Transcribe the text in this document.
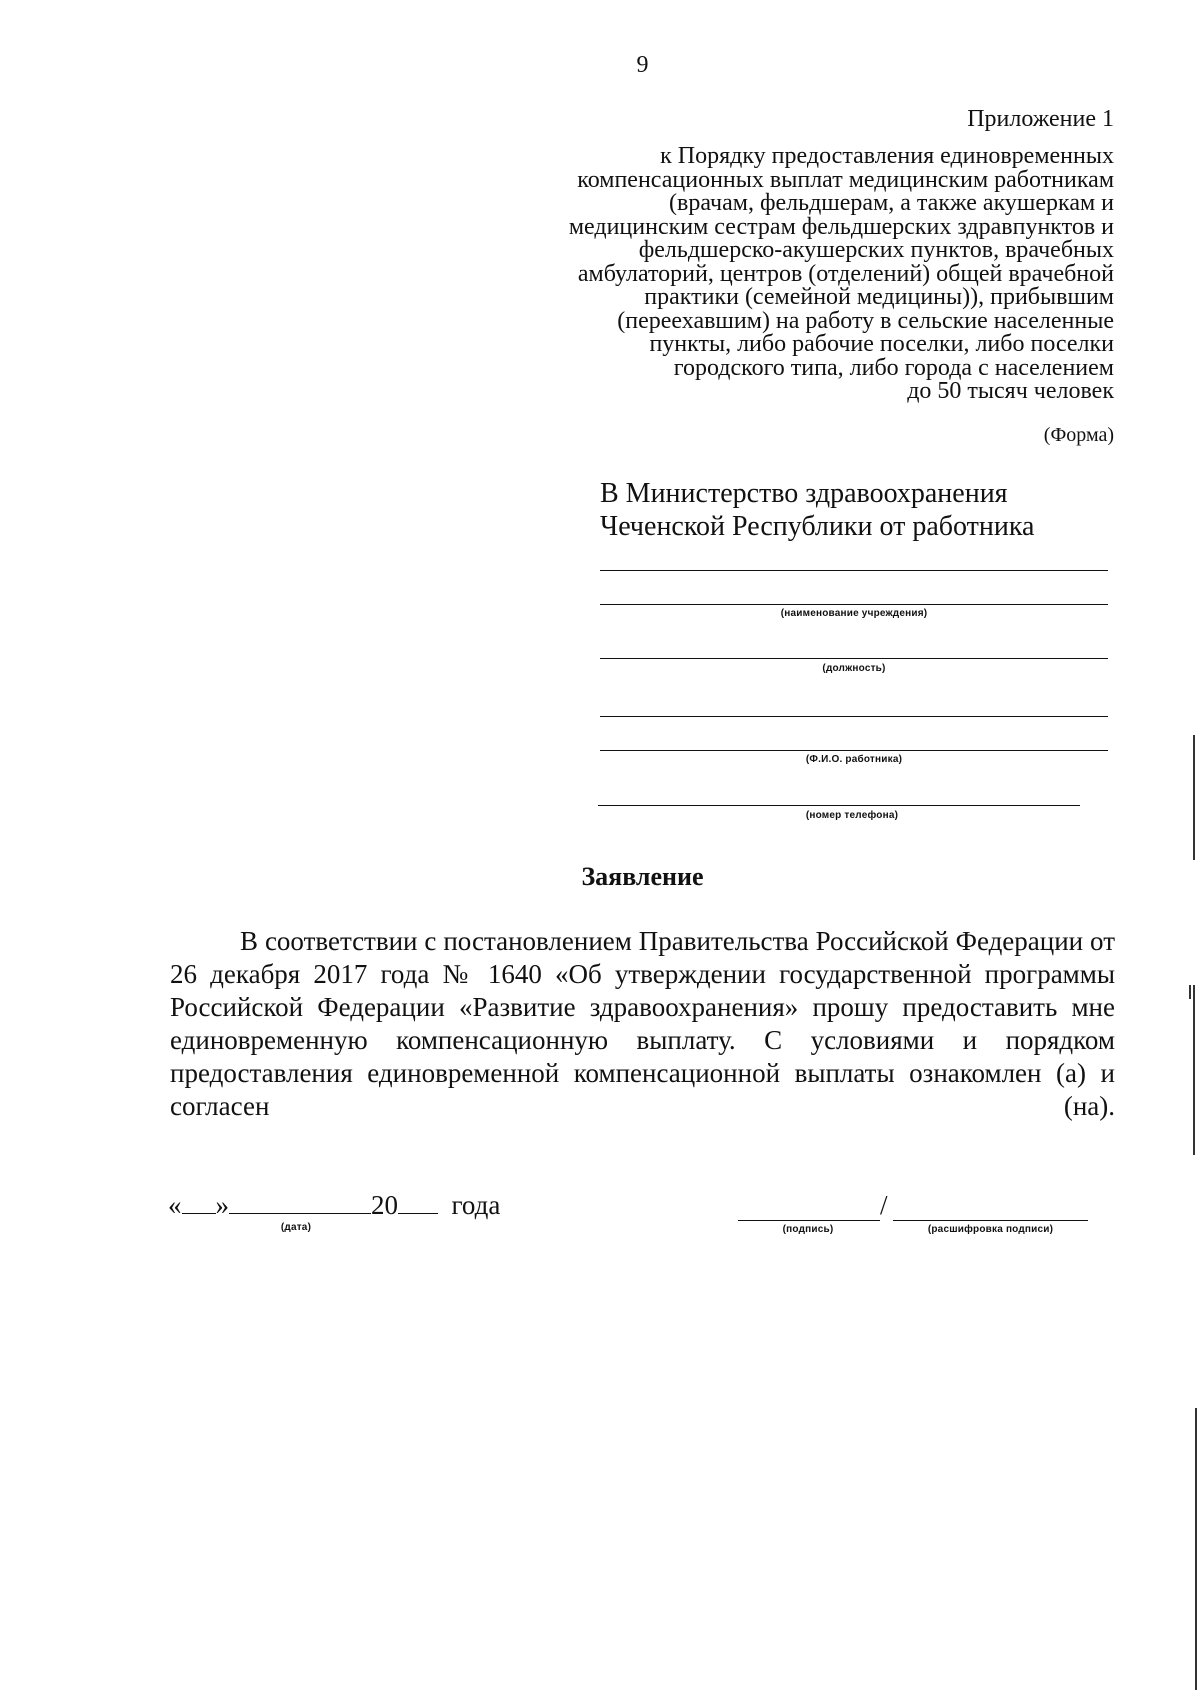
9
Приложение 1
к Порядку предоставления единовременных
компенсационных выплат медицинским работникам
(врачам, фельдшерам, а также акушеркам и
медицинским сестрам фельдшерских здравпунктов и
фельдшерско-акушерских пунктов, врачебных
амбулаторий, центров (отделений) общей врачебной
практики (семейной медицины)), прибывшим
(переехавшим) на работу в сельские населенные
пункты, либо рабочие поселки, либо поселки
городского типа, либо города с населением
до 50 тысяч человек
(Форма)
В Министерство здравоохранения
Чеченской Республики от работника
(наименование учреждения)
(должность)
(Ф.И.О. работника)
(номер телефона)
Заявление

В соответствии с постановлением Правительства Российской Федерации от 26 декабря 2017 года № 1640 «Об утверждении государственной программы Российской Федерации «Развитие здравоохранения» прошу предоставить мне единовременную компенсационную выплату. С условиями и порядком предоставления единовременной компенсационной выплаты ознакомлен (а) и согласен (на).

« »	20 года
(дата)
/
(подпись)	(расшифровка подписи)
